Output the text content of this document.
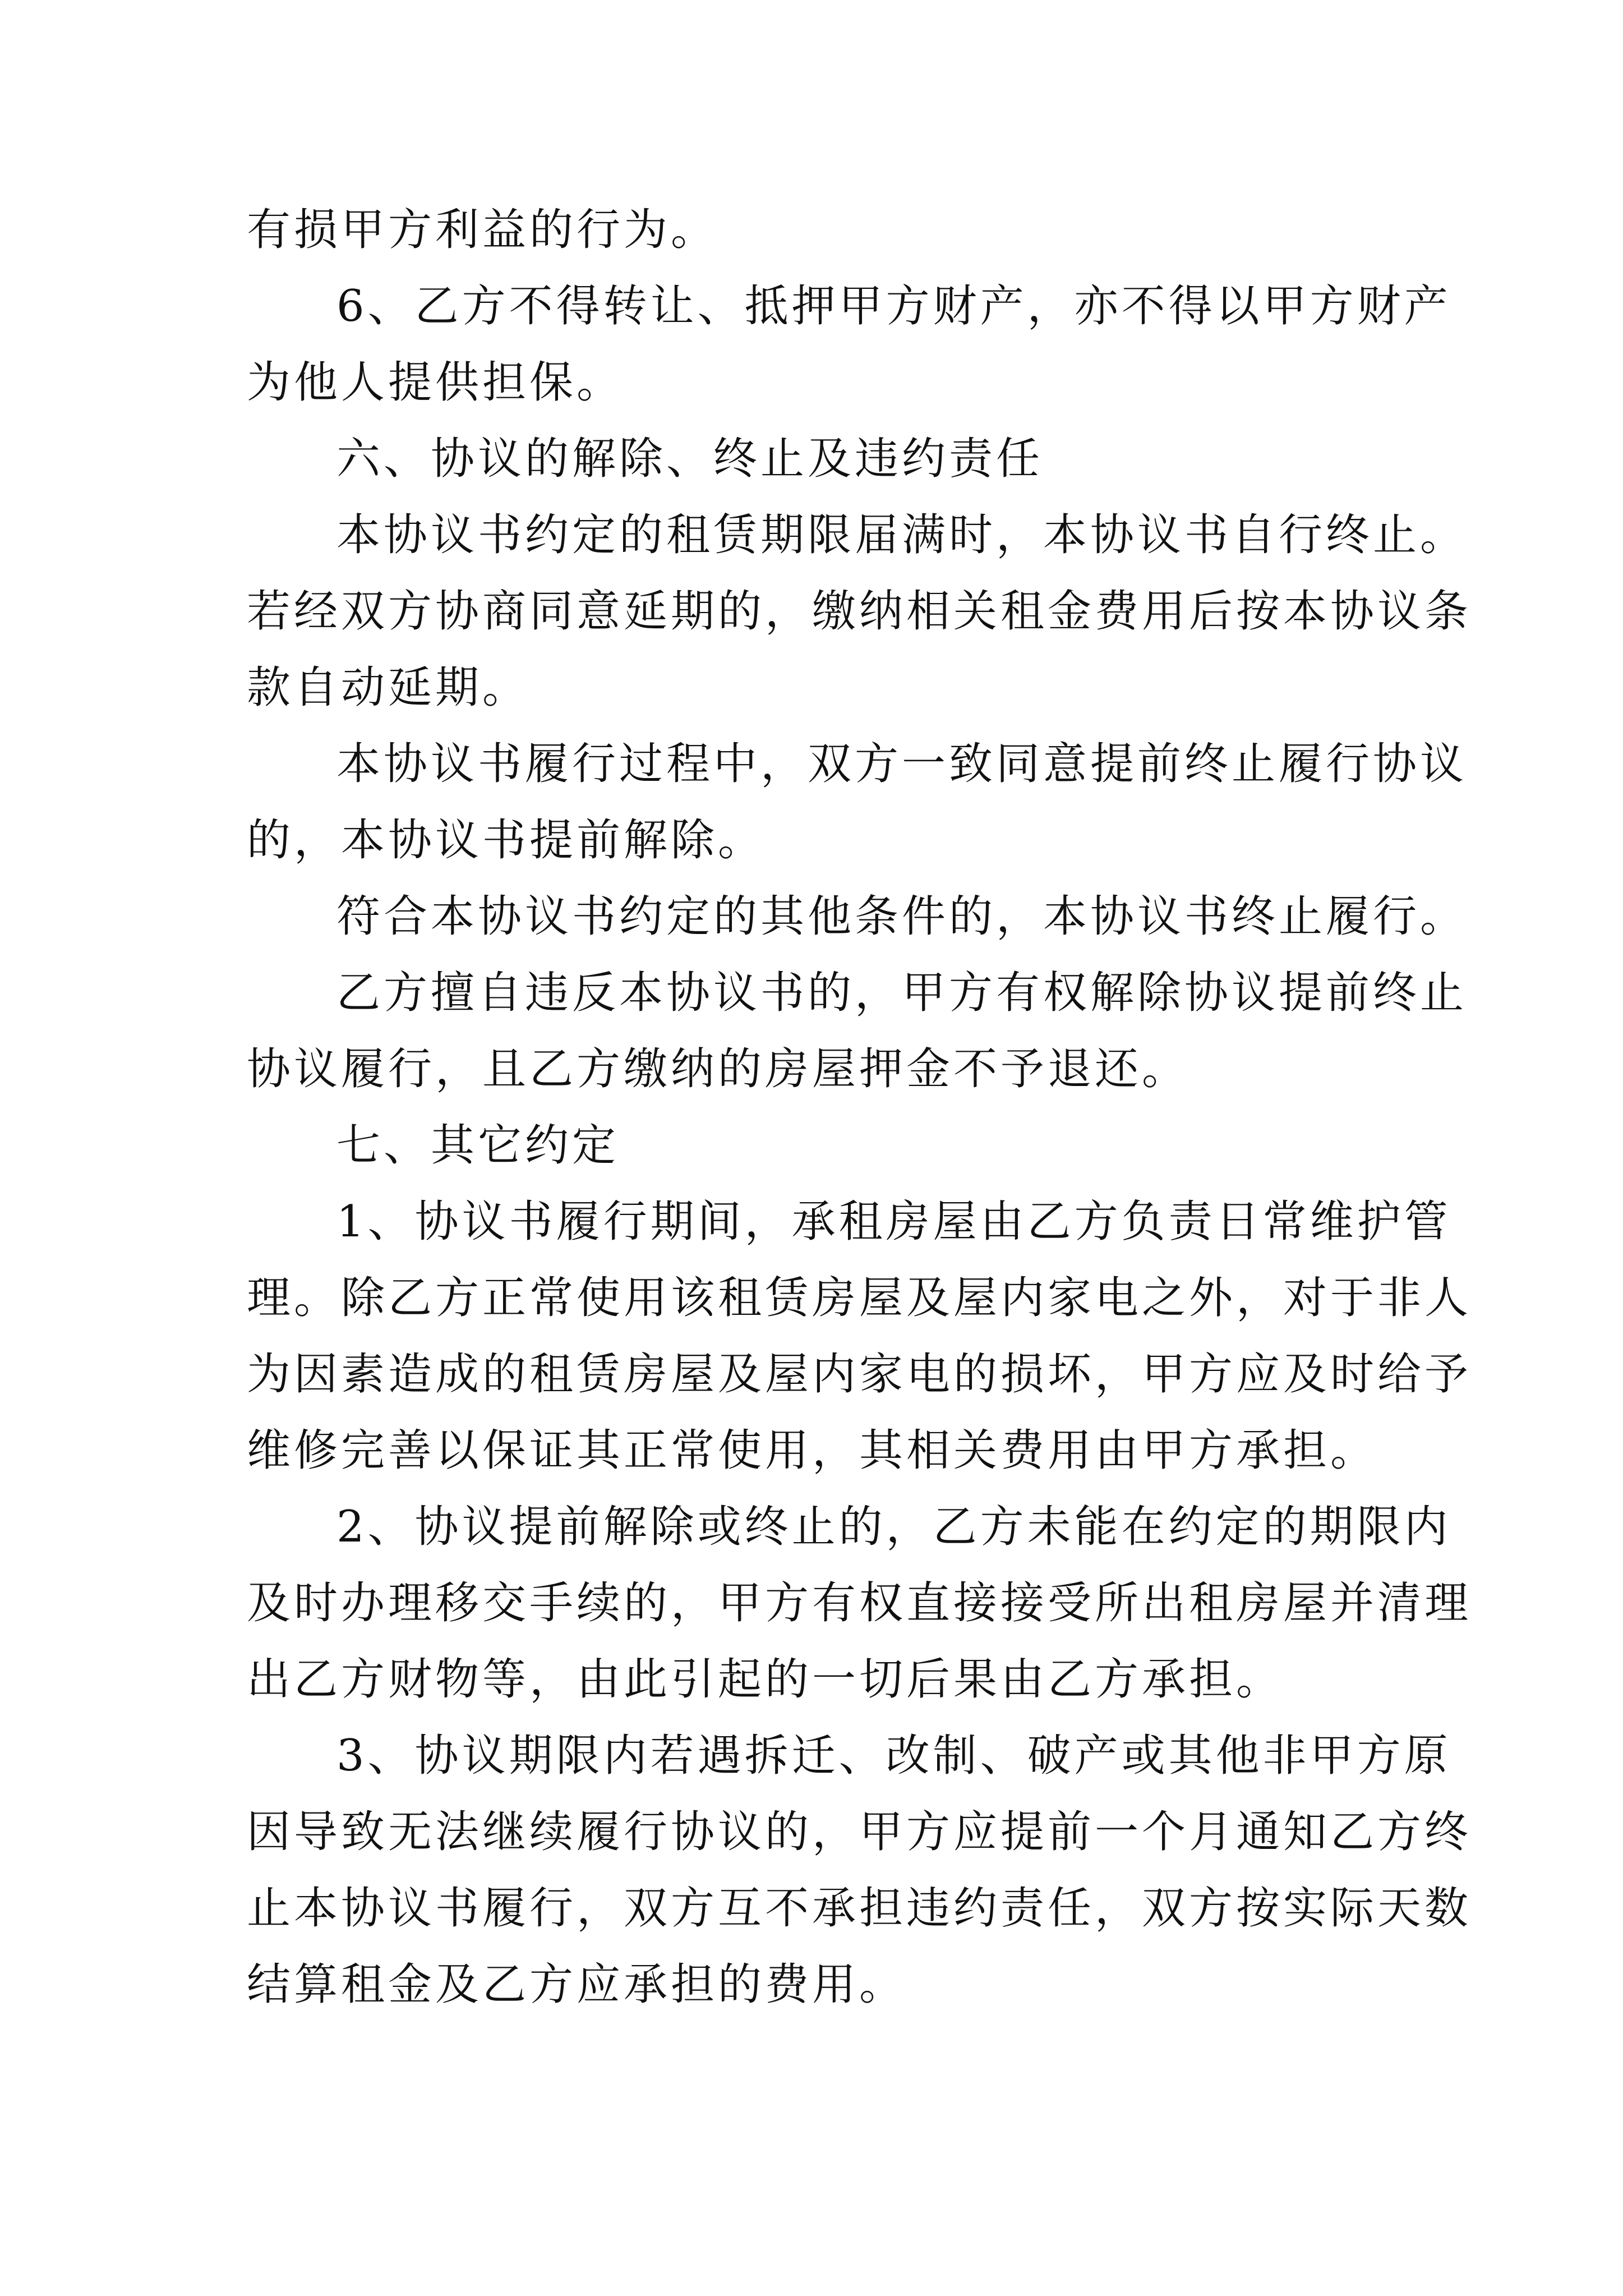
有损甲方利益的行为。
6、乙方不得转让、抵押甲方财产，亦不得以甲方财产
为他人提供担保。
六、协议的解除、终止及违约责任
本协议书约定的租赁期限届满时，本协议书自行终止。
若经双方协商同意延期的，缴纳相关租金费用后按本协议条
款自动延期。
本协议书履行过程中，双方一致同意提前终止履行协议
的，本协议书提前解除。
符合本协议书约定的其他条件的，本协议书终止履行。
乙方擅自违反本协议书的，甲方有权解除协议提前终止
协议履行，且乙方缴纳的房屋押金不予退还。
七、其它约定
1、协议书履行期间，承租房屋由乙方负责日常维护管
理。除乙方正常使用该租赁房屋及屋内家电之外，对于非人
为因素造成的租赁房屋及屋内家电的损坏，甲方应及时给予
维修完善以保证其正常使用，其相关费用由甲方承担。
2、协议提前解除或终止的，乙方未能在约定的期限内
及时办理移交手续的，甲方有权直接接受所出租房屋并清理
出乙方财物等，由此引起的一切后果由乙方承担。
3、协议期限内若遇拆迁、改制、破产或其他非甲方原
因导致无法继续履行协议的，甲方应提前一个月通知乙方终
止本协议书履行，双方互不承担违约责任，双方按实际天数
结算租金及乙方应承担的费用。
